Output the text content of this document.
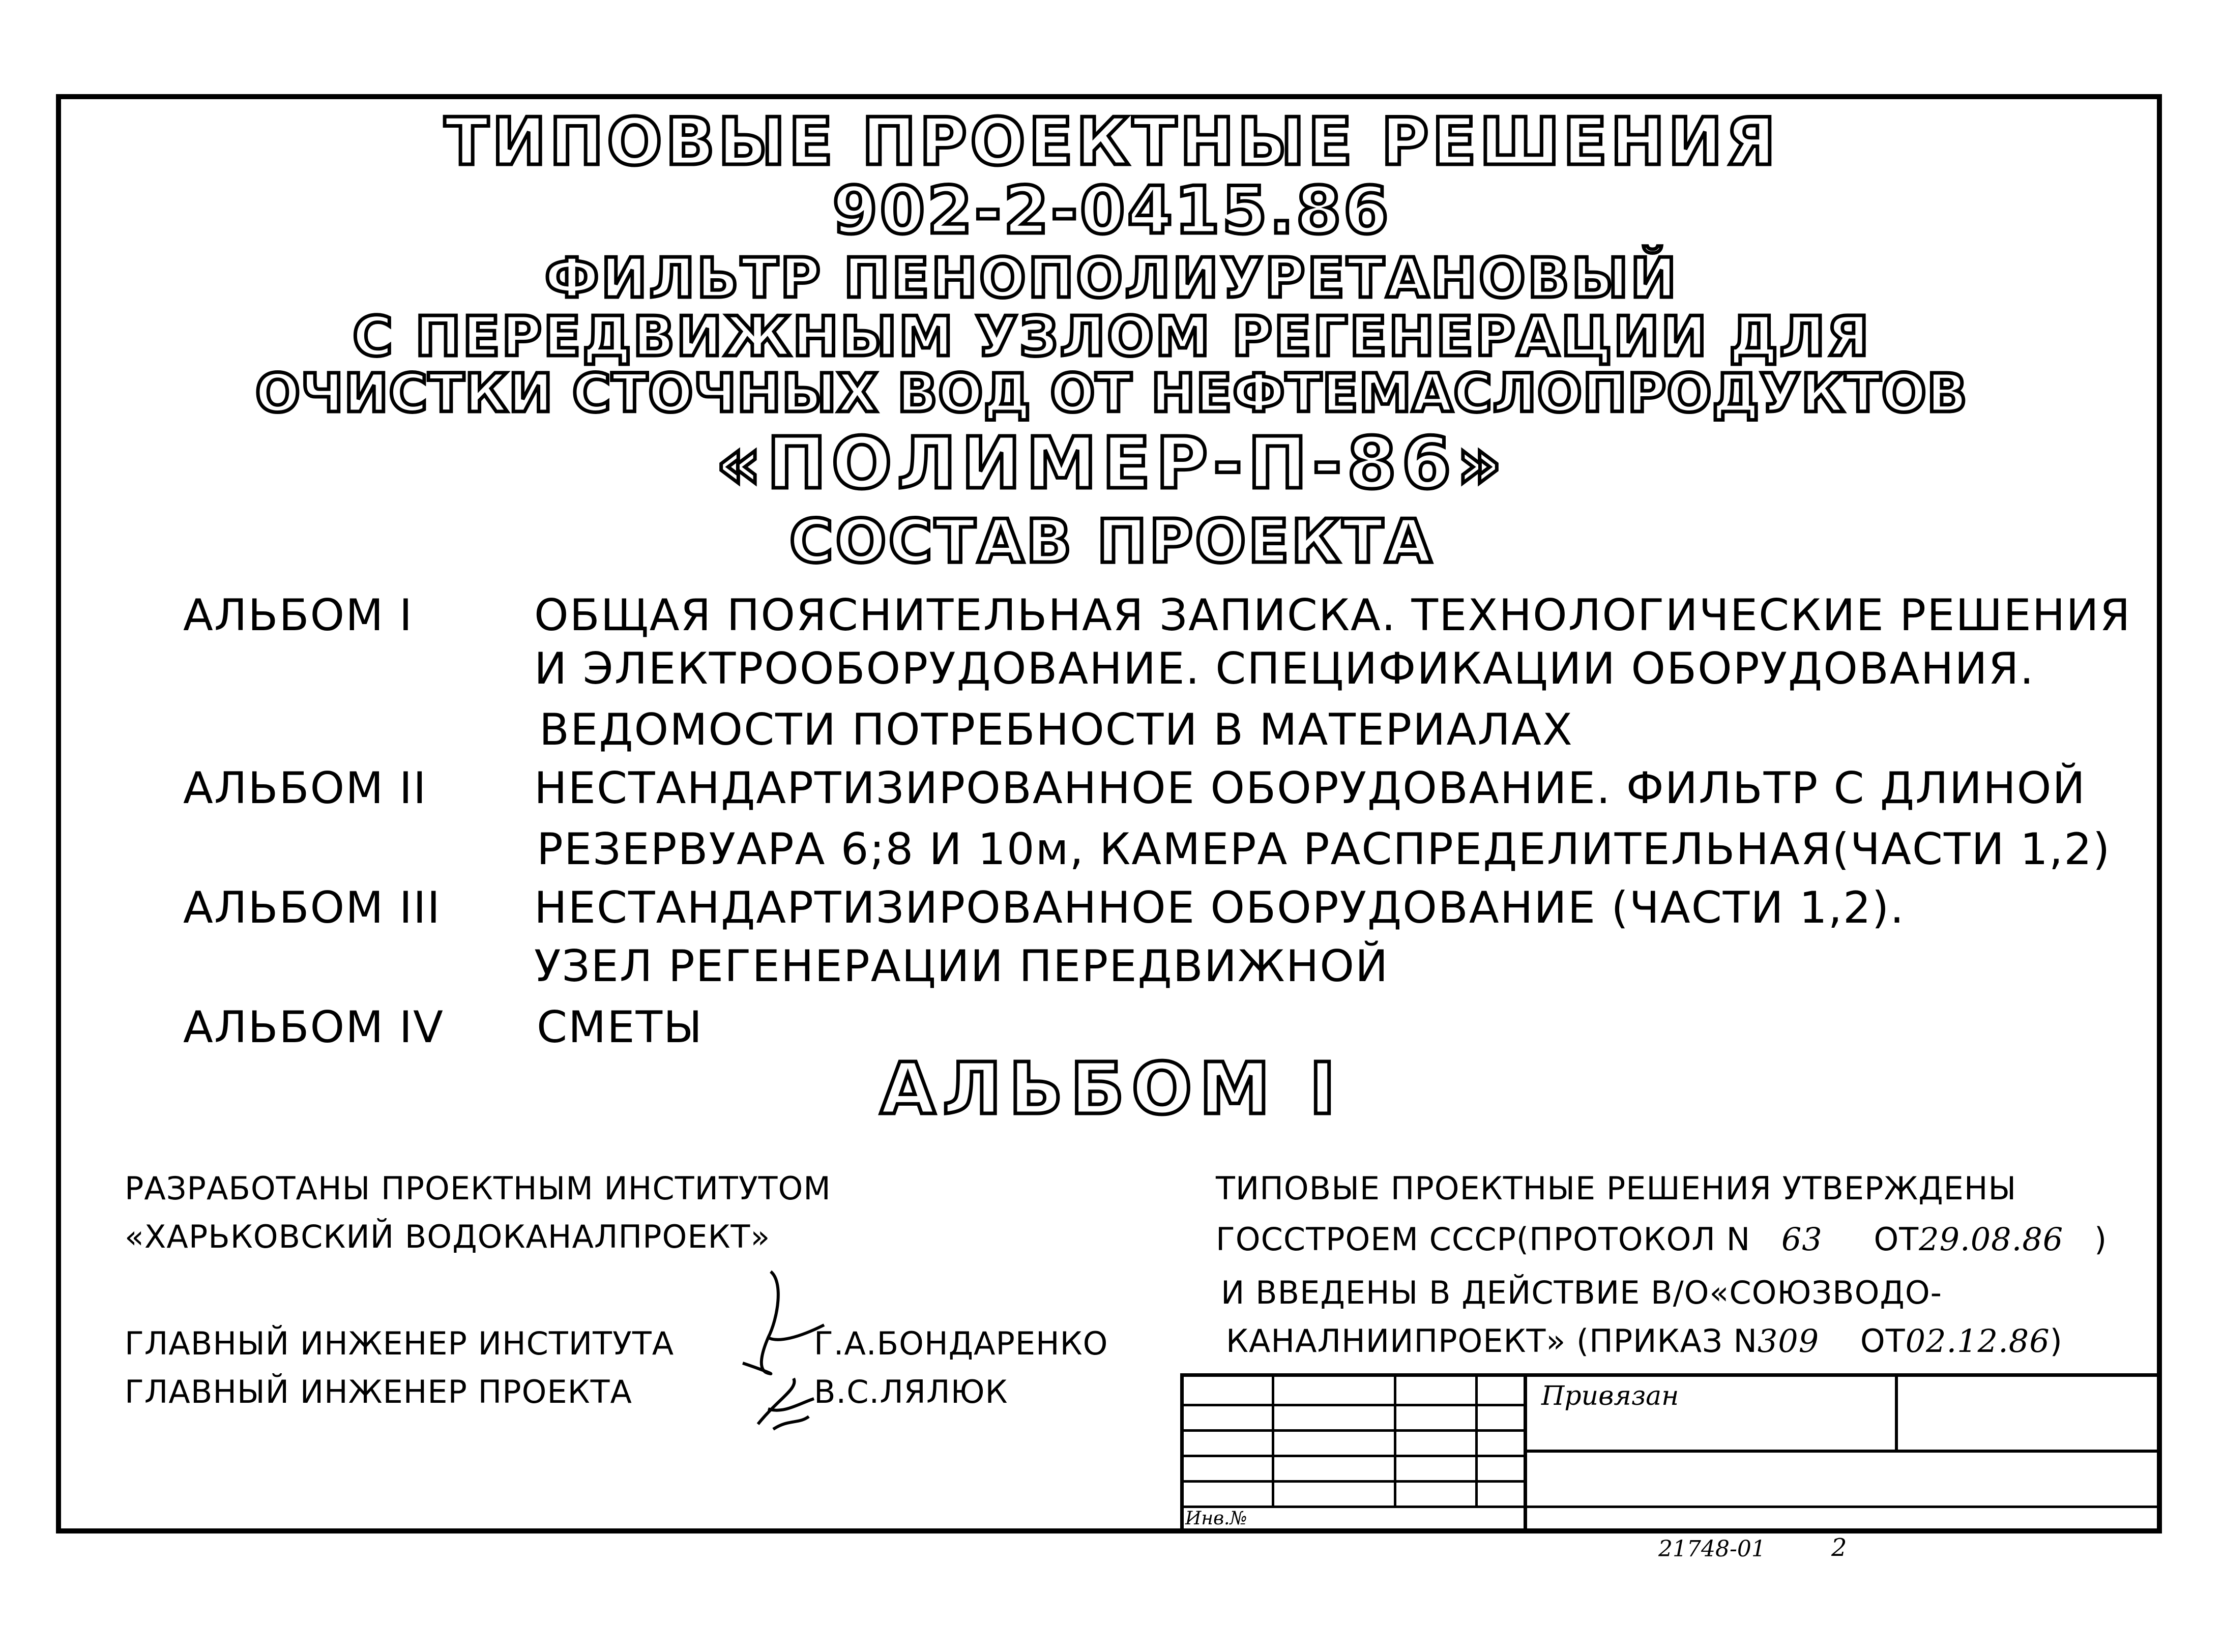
ТИПОВЫЕ ПРОЕКТНЫЕ РЕШЕНИЯ
902-2-0415.86
ФИЛЬТР ПЕНОПОЛИУРЕТАНОВЫЙ
С ПЕРЕДВИЖНЫМ УЗЛОМ РЕГЕНЕРАЦИИ ДЛЯ
ОЧИСТКИ СТОЧНЫХ ВОД ОТ НЕФТЕМАСЛОПРОДУКТОВ
«ПОЛИМЕР-П-86»
СОСТАВ ПРОЕКТА
АЛЬБОМ I	ОБЩАЯ ПОЯСНИТЕЛЬНАЯ ЗАПИСКА. ТЕХНОЛОГИЧЕСКИЕ РЕШЕНИЯ
И ЭЛЕКТРООБОРУДОВАНИЕ. СПЕЦИФИКАЦИИ ОБОРУДОВАНИЯ.
ВЕДОМОСТИ ПОТРЕБНОСТИ В МАТЕРИАЛАХ
АЛЬБОМ II НЕСТАНДАРТИЗИРОВАННОЕ ОБОРУДОВАНИЕ. ФИЛЬТР С ДЛИНОЙ
РЕЗЕРВУАРА 6;8 И 10м, КАМЕРА РАСПРЕДЕЛИТЕЛЬНАЯ(ЧАСТИ 1,2)
АЛЬБОМ III НЕСТАНДАРТИЗИРОВАННОЕ ОБОРУДОВАНИЕ (ЧАСТИ 1,2).
УЗЕЛ РЕГЕНЕРАЦИИ ПЕРЕДВИЖНОЙ
АЛЬБОМ IV СМЕТЫ
АЛЬБОМ I
РАЗРАБОТАНЫ ПРОЕКТНЫМ ИНСТИТУТОМ
«ХАРЬКОВСКИЙ ВОДОКАНАЛПРОЕКТ»
ГЛАВНЫЙ ИНЖЕНЕР ИНСТИТУТА	Г.А.БОНДАРЕНКО
ГЛАВНЫЙ ИНЖЕНЕР ПРОЕКТА	В.С.ЛЯЛЮК
ТИПОВЫЕ ПРОЕКТНЫЕ РЕШЕНИЯ УТВЕРЖДЕНЫ
ГОССТРОЕМ СССР(ПРОТОКОЛ N 63 ОТ29.08.86 )
И ВВЕДЕНЫ В ДЕЙСТВИЕ В/О«СОЮЗВОДО-
КАНАЛНИИПРОЕКТ» (ПРИКАЗ N309 ОТ02.12.86)
Привязан
Инв.№
21748-01	2
